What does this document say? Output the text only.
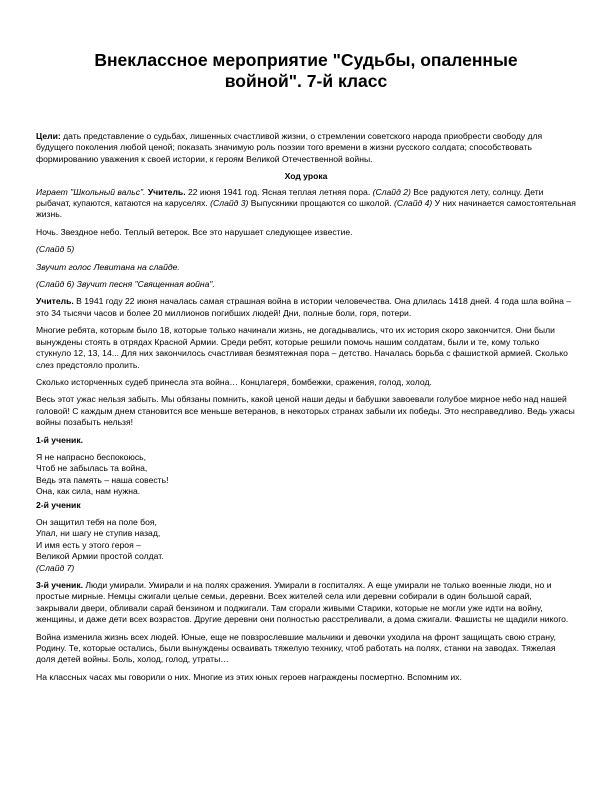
Внеклассное мероприятие "Судьбы, опаленные войной". 7-й класс

Цели: дать представление о судьбах, лишенных счастливой жизни, о стремлении советского народа приобрести свободу для будущего поколения любой ценой; показать значимую роль поэзии того времени в жизни русского солдата; способствовать формированию уважения к своей истории, к героям Великой Отечественной войны.

Ход урока

Играет "Школьный вальс". Учитель. 22 июня 1941 год. Ясная теплая летняя пора. (Слайд 2) Все радуются лету, солнцу. Дети рыбачат, купаются, катаются на каруселях. (Слайд 3) Выпускники прощаются со школой. (Слайд 4) У них начинается самостоятельная жизнь.

Ночь. Звездное небо. Теплый ветерок. Все это нарушает следующее известие.

(Слайд 5)

Звучит голос Левитана на слайде.

(Слайд 6) Звучит песня "Священная война".

Учитель. В 1941 году 22 июня началась самая страшная война в истории человечества. Она длилась 1418 дней. 4 года шла война – это 34 тысячи часов и более 20 миллионов погибших людей! Дни, полные боли, горя, потери.

Многие ребята, которым было 18, которые только начинали жизнь, не догадывались, что их история скоро закончится. Они были вынуждены стоять в отрядах Красной Армии. Среди ребят, которые решили помочь нашим солдатам, были и те, кому только стукнуло 12, 13, 14... Для них закончилось счастливая безмятежная пора – детство. Началась борьба с фашисткой армией. Сколько слез предстояло пролить.

Сколько исторченных судеб принесла эта война… Концлагеря, бомбежки, сражения, голод, холод.

Весь этот ужас нельзя забыть. Мы обязаны помнить, какой ценой наши деды и бабушки завоевали голубое мирное небо над нашей головой! С каждым днем становится все меньше ветеранов, в некоторых странах забыли их победы. Это несправедливо. Ведь ужасы войны позабыть нельзя!

1-й ученик.

Я не напрасно беспокоюсь,

Чтоб не забылась та война,

Ведь эта память – наша совесть!

Она, как сила, нам нужна.

2-й ученик

Он защитил тебя на поле боя,

Упал, ни шагу не ступив назад,

И имя есть у этого героя –

Великой Армии простой солдат.

(Слайд 7)

3-й ученик. Люди умирали. Умирали и на полях сражения. Умирали в госпиталях. А еще умирали не только военные люди, но и простые мирные. Немцы сжигали целые семьи, деревни. Всех жителей села или деревни собирали в один большой сарай, закрывали двери, обливали сарай бензином и поджигали. Там сгорали живыми Старики, которые не могли уже идти на войну, женщины, и даже дети всех возрастов. Другие деревни они полностью расстреливали, а дома сжигали. Фашисты не щадили никого.

Война изменила жизнь всех людей. Юные, еще не повзрослевшие мальчики и девочки уходила на фронт защищать свою страну, Родину. Те, которые остались, были вынуждены осваивать тяжелую технику, чтоб работать на полях, станки на заводах. Тяжелая доля детей войны. Боль, холод, голод, утраты…

На классных часах мы говорили о них. Многие из этих юных героев награждены посмертно. Вспомним их.
